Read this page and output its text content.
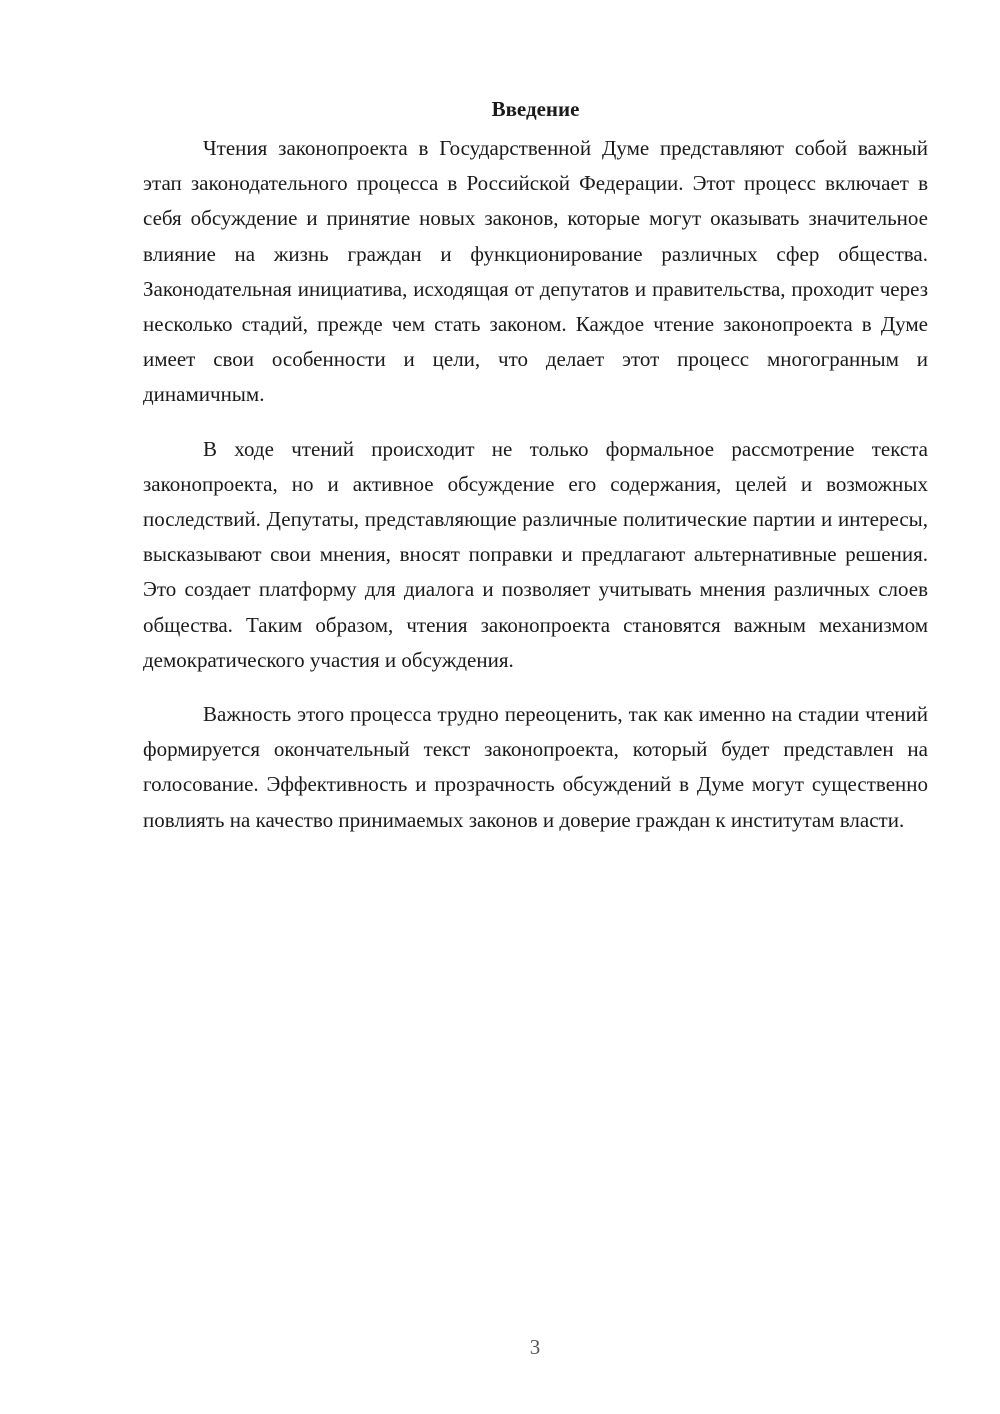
Введение

Чтения законопроекта в Государственной Думе представляют собой важный этап законодательного процесса в Российской Федерации. Этот процесс включает в себя обсуждение и принятие новых законов, которые могут оказывать значительное влияние на жизнь граждан и функционирование различных сфер общества. Законодательная инициатива, исходящая от депутатов и правительства, проходит через несколько стадий, прежде чем стать законом. Каждое чтение законопроекта в Думе имеет свои особенности и цели, что делает этот процесс многогранным и динамичным.

В ходе чтений происходит не только формальное рассмотрение текста законопроекта, но и активное обсуждение его содержания, целей и возможных последствий. Депутаты, представляющие различные политические партии и интересы, высказывают свои мнения, вносят поправки и предлагают альтернативные решения. Это создает платформу для диалога и позволяет учитывать мнения различных слоев общества. Таким образом, чтения законопроекта становятся важным механизмом демократического участия и обсуждения.

Важность этого процесса трудно переоценить, так как именно на стадии чтений формируется окончательный текст законопроекта, который будет представлен на голосование. Эффективность и прозрачность обсуждений в Думе могут существенно повлиять на качество принимаемых законов и доверие граждан к институтам власти.

3
